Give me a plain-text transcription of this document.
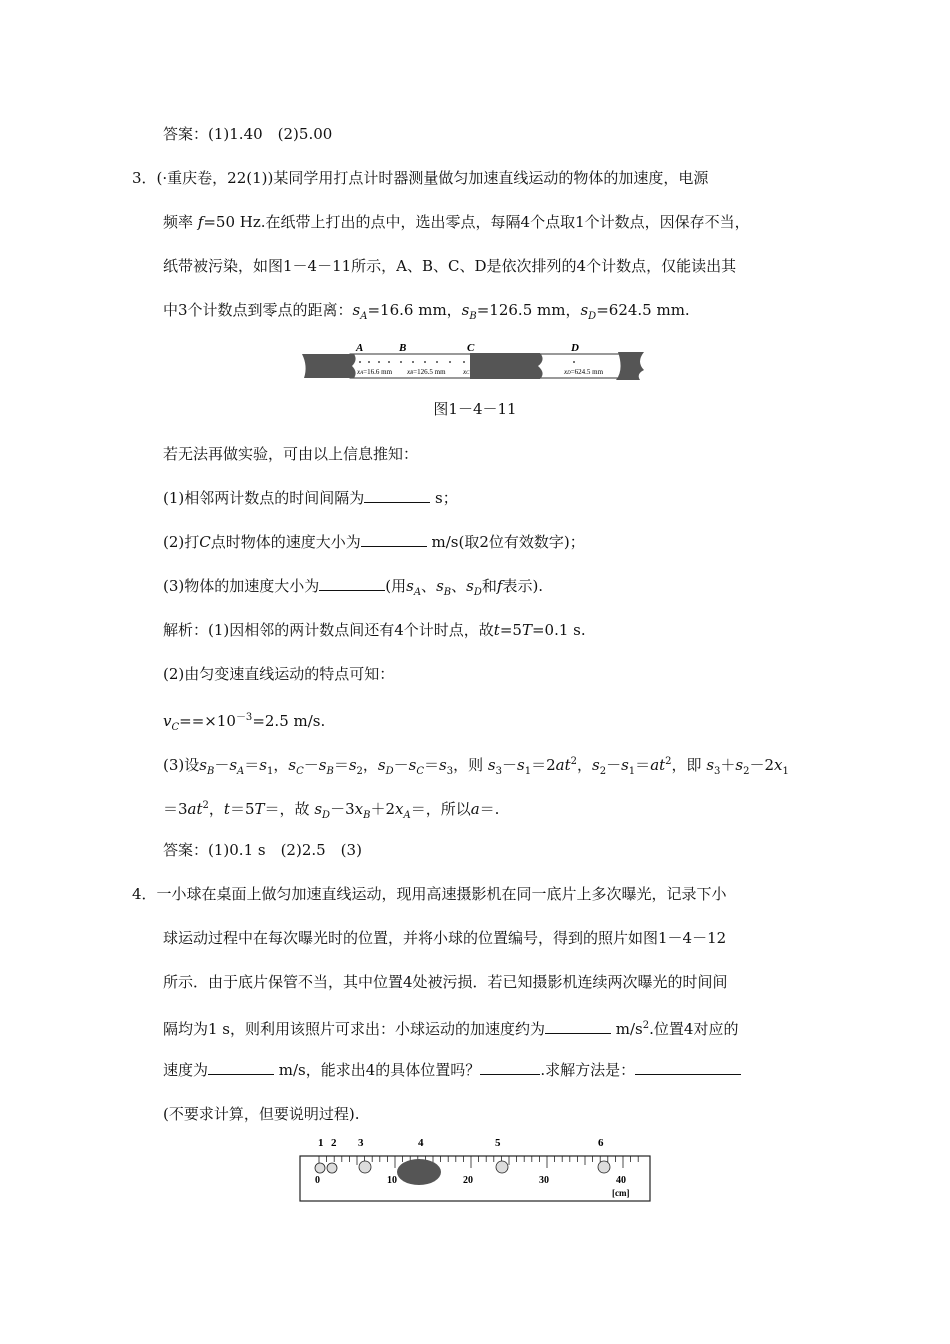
答案：(1)1.40　(2)5.00
3．(·重庆卷，22(1))某同学用打点计时器测量做匀加速直线运动的物体的加速度，电源
频率 f=50 Hz.在纸带上打出的点中，选出零点，每隔4个点取1个计数点，因保存不当，
纸带被污染，如图1－4－11所示，A、B、C、D是依次排列的4个计数点，仅能读出其
中3个计数点到零点的距离：$s_A=16.6$ mm，$s_B=126.5$ mm，$s_D=624.5$ mm.
A	B	C	D
xA=16.6 mm xB=126.5 mm xC	xD=624.5 mm
图1－4－11
若无法再做实验，可由以上信息推知：
(1)相邻两计数点的时间间隔为	s；
(2)打C点时物体的速度大小为	m/s(取2位有效数字)；
(3)物体的加速度大小为	(用$s_A$、$s_B$、$s_D$和f表示).
解析：(1)因相邻的两计数点间还有4个计时点，故t=5T=0.1 s.
(2)由匀变速直线运动的特点可知：
$v_C==\times 10^{-3}=2.5$ m/s.
(3)设$s_B-s_A=s_1$，$s_C-s_B=s_2$，$s_D-s_C=s_3$，则 $s_3-s_1=2at^2$，$s_2-s_1=at^2$，即 $s_3+s_2-2x_1$
$=3at^2$，t＝5T＝，故 $s_D-3x_B+2x_A=$，所以a＝.
答案：(1)0.1 s　(2)2.5　(3)
4．一小球在桌面上做匀加速直线运动，现用高速摄影机在同一底片上多次曝光，记录下小
球运动过程中在每次曝光时的位置，并将小球的位置编号，得到的照片如图1－4－12
所示．由于底片保管不当，其中位置4处被污损．若已知摄影机连续两次曝光的时间间
隔均为1 s，则利用该照片可求出：小球运动的加速度约为	$m/s^2$.位置4对应的
速度为	m/s，能求出4的具体位置吗？	.求解方法是：
(不要求计算，但要说明过程).
1 2 3	4	5	6
0	10	20	30	40
[cm]
